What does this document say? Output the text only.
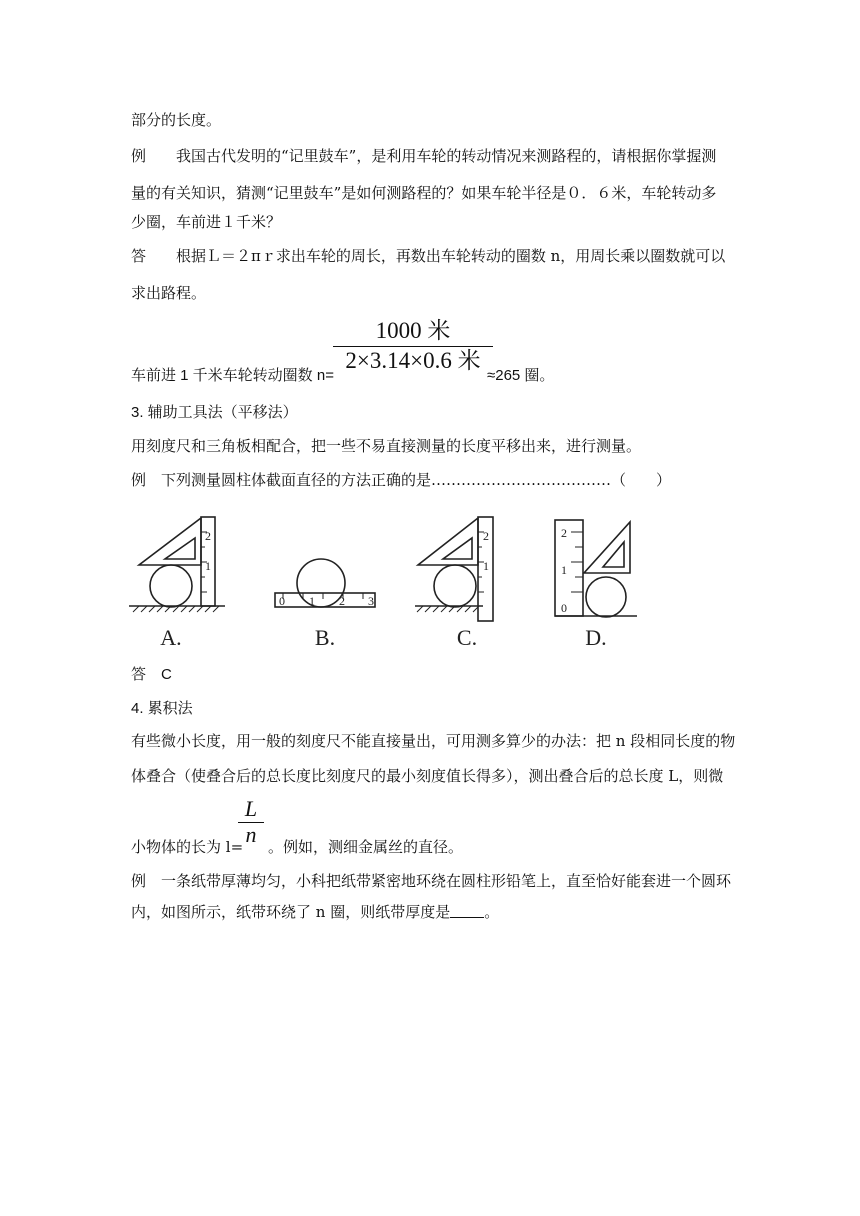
部分的长度。
例　　我国古代发明的“记里鼓车”，是利用车轮的转动情况来测路程的，请根据你掌握测
量的有关知识，猜测“记里鼓车”是如何测路程的？如果车轮半径是０．６米，车轮转动多
少圈，车前进１千米？
答　　根据Ｌ＝２πｒ求出车轮的周长，再数出车轮转动的圈数 n，用周长乘以圈数就可以
求出路程。
车前进 1 千米车轮转动圈数 n=
1000 米
2×3.14×0.6 米
≈265 圈。
3. 辅助工具法（平移法）
用刻度尺和三角板相配合，把一些不易直接测量的长度平移出来，进行测量。
例　下列测量圆柱体截面直径的方法正确的是………………………………（　　）
2
1
0 1 2 3
2
1
2
1
0
A.	B.	C.	D.
答　C
4. 累积法
有些微小长度，用一般的刻度尺不能直接量出，可用测多算少的办法：把 n 段相同长度的物
体叠合（使叠合后的总长度比刻度尺的最小刻度值长得多），测出叠合后的总长度 L，则微
小物体的长为 l=
L
n 。例如，测细金属丝的直径。
例　一条纸带厚薄均匀，小科把纸带紧密地环绕在圆柱形铅笔上，直至恰好能套进一个圆环
内，如图所示，纸带环绕了 n 圈，则纸带厚度是 。
